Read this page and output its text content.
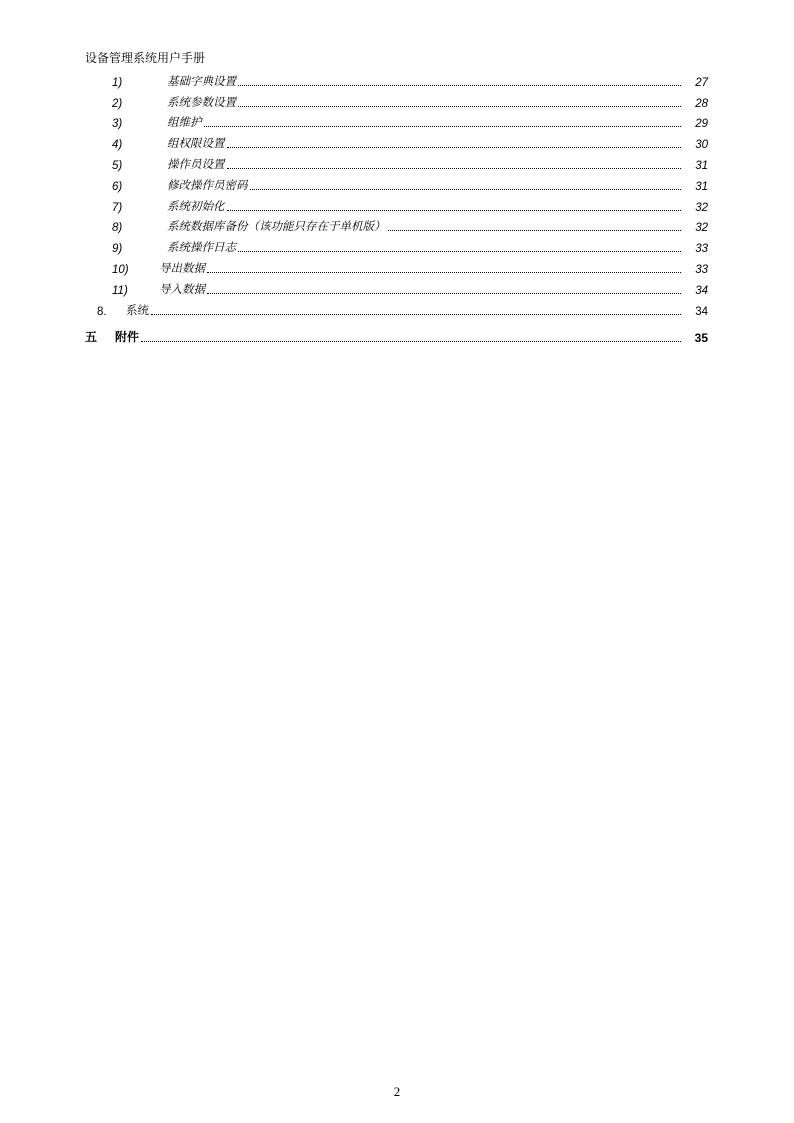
设备管理系统用户手册
1)	基础字典设置	27
2)	系统参数设置	28
3)	组维护	29
4)	组权限设置	30
5)	操作员设置	31
6)	修改操作员密码	31
7)	系统初始化	32
8)	系统数据库备份（该功能只存在于单机版）	32
9)	系统操作日志	33
10)	导出数据	33
11)	导入数据	34
8.	系统	34
五	附件	35
2
